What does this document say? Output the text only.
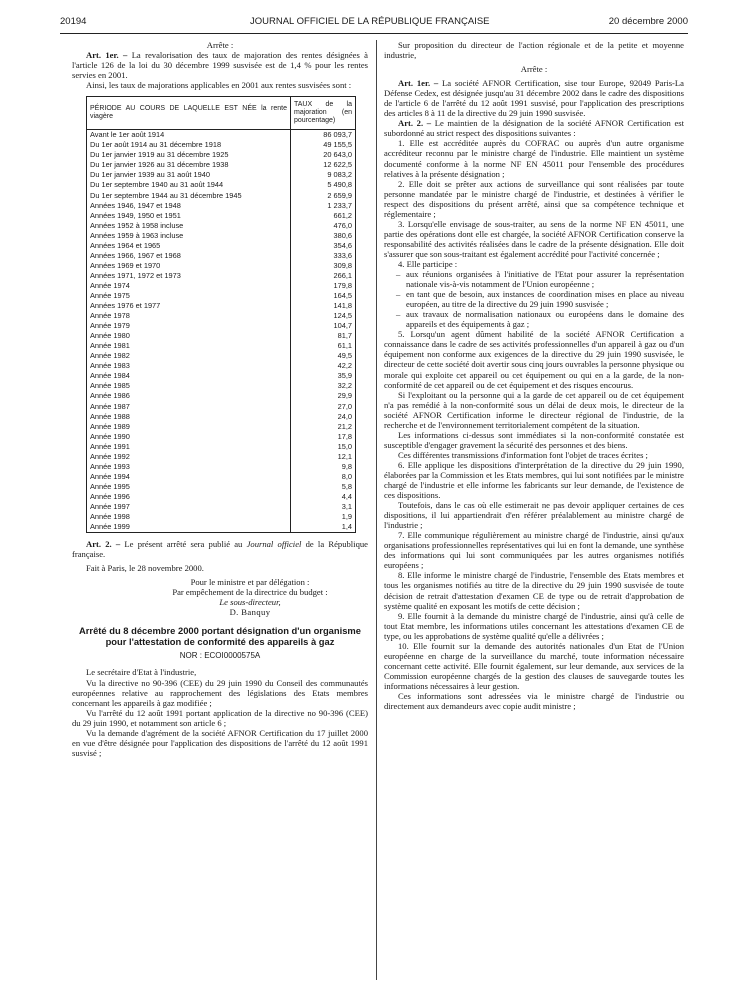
20194	JOURNAL OFFICIEL DE LA RÉPUBLIQUE FRANÇAISE	20 décembre 2000

Arrête :

Art. 1er. – La revalorisation des taux de majoration des rentes désignées à l'article 126 de la loi du 30 décembre 1999 susvisée est de 1,4 % pour les rentes servies en 2001.

Ainsi, les taux de majorations applicables en 2001 aux rentes susvisées sont :

PÉRIODE AU COURS DE LAQUELLE EST NÉE la rente viagère	TAUX de la majoration (en pourcentage)
Avant le 1er août 1914	86 093,7
Du 1er août 1914 au 31 décembre 1918	49 155,5
Du 1er janvier 1919 au 31 décembre 1925	20 643,0
Du 1er janvier 1926 au 31 décembre 1938	12 622,5
Du 1er janvier 1939 au 31 août 1940	9 083,2
Du 1er septembre 1940 au 31 août 1944	5 490,8
Du 1er septembre 1944 au 31 décembre 1945	2 659,9
Années 1946, 1947 et 1948	1 233,7
Années 1949, 1950 et 1951	661,2
Années 1952 à 1958 incluse	476,0
Années 1959 à 1963 incluse	380,6
Années 1964 et 1965	354,6
Années 1966, 1967 et 1968	333,6
Années 1969 et 1970	309,8
Années 1971, 1972 et 1973	266,1
Année 1974	179,8
Année 1975	164,5
Années 1976 et 1977	141,8
Année 1978	124,5
Année 1979	104,7
Année 1980	81,7
Année 1981	61,1
Année 1982	49,5
Année 1983	42,2
Année 1984	35,9
Année 1985	32,2
Année 1986	29,9
Année 1987	27,0
Année 1988	24,0
Année 1989	21,2
Année 1990	17,8
Année 1991	15,0
Année 1992	12,1
Année 1993	9,8
Année 1994	8,0
Année 1995	5,8
Année 1996	4,4
Année 1997	3,1
Année 1998	1,9
Année 1999	1,4

Art. 2. – Le présent arrêté sera publié au Journal officiel de la République française.

Fait à Paris, le 28 novembre 2000.

Pour le ministre et par délégation :

Par empêchement de la directrice du budget :

Le sous-directeur,

D. Banquy

Arrêté du 8 décembre 2000 portant désignation d'un organisme pour l'attestation de conformité des appareils à gaz
NOR : ECOI0000575A

Le secrétaire d'Etat à l'industrie,

Vu la directive no 90-396 (CEE) du 29 juin 1990 du Conseil des communautés européennes relative au rapprochement des législations des Etats membres concernant les appareils à gaz modifiée ;

Vu l'arrêté du 12 août 1991 portant application de la directive no 90-396 (CEE) du 29 juin 1990, et notamment son article 6 ;

Vu la demande d'agrément de la société AFNOR Certification du 17 juillet 2000 en vue d'être désignée pour l'application des dispositions de l'arrêté du 12 août 1991 susvisé ;

Sur proposition du directeur de l'action régionale et de la petite et moyenne industrie,

Arrête :

Art. 1er. – La société AFNOR Certification, sise tour Europe, 92049 Paris-La Défense Cedex, est désignée jusqu'au 31 décembre 2002 dans le cadre des dispositions de l'article 6 de l'arrêté du 12 août 1991 susvisé, pour l'application des prescriptions des articles 8 à 11 de la directive du 29 juin 1990 susvisée.

Art. 2. – Le maintien de la désignation de la société AFNOR Certification est subordonné au strict respect des dispositions suivantes :

1. Elle est accréditée auprès du COFRAC ou auprès d'un autre organisme accréditeur reconnu par le ministre chargé de l'industrie. Elle maintient un système documenté conforme à la norme NF EN 45011 pour l'ensemble des procédures relatives à la présente désignation ;

2. Elle doit se prêter aux actions de surveillance qui sont réalisées par toute personne mandatée par le ministre chargé de l'industrie, et destinées à vérifier le respect des dispositions du présent arrêté, ainsi que sa compétence technique et réglementaire ;

3. Lorsqu'elle envisage de sous-traiter, au sens de la norme NF EN 45011, une partie des opérations dont elle est chargée, la société AFNOR Certification conserve la responsabilité des activités réalisées dans le cadre de la présente désignation. Elle doit s'assurer que son sous-traitant est également accrédité pour l'activité concernée ;

4. Elle participe :

– aux réunions organisées à l'initiative de l'Etat pour assurer la représentation nationale vis-à-vis notamment de l'Union européenne ;
– en tant que de besoin, aux instances de coordination mises en place au niveau européen, au titre de la directive du 29 juin 1990 susvisée ;
– aux travaux de normalisation nationaux ou européens dans le domaine des appareils et des équipements à gaz ;

5. Lorsqu'un agent dûment habilité de la société AFNOR Certification a connaissance dans le cadre de ses activités professionnelles d'un appareil à gaz ou d'un équipement non conforme aux exigences de la directive du 29 juin 1990 susvisée, le directeur de cette société doit avertir sous cinq jours ouvrables la personne physique ou morale qui exploite cet appareil ou cet équipement ou qui en a la garde, de la non-conformité de cet appareil ou de cet équipement et des risques encourus.

Si l'exploitant ou la personne qui a la garde de cet appareil ou de cet équipement n'a pas remédié à la non-conformité sous un délai de deux mois, le directeur de la société AFNOR Certification informe le directeur régional de l'industrie, de la recherche et de l'environnement territorialement compétent de la situation.

Les informations ci-dessus sont immédiates si la non-conformité constatée est susceptible d'engager gravement la sécurité des personnes et des biens.

Ces différentes transmissions d'information font l'objet de traces écrites ;

6. Elle applique les dispositions d'interprétation de la directive du 29 juin 1990, élaborées par la Commission et les Etats membres, qui lui sont notifiées par le ministre chargé de l'industrie et elle informe les fabricants sur leur demande, de l'existence de ces dispositions.

Toutefois, dans le cas où elle estimerait ne pas devoir appliquer certaines de ces dispositions, il lui appartiendrait d'en référer préalablement au ministre chargé de l'industrie ;

7. Elle communique régulièrement au ministre chargé de l'industrie, ainsi qu'aux organisations professionnelles représentatives qui lui en font la demande, une synthèse des informations qui lui sont communiquées par les autres organismes notifiés européens ;

8. Elle informe le ministre chargé de l'industrie, l'ensemble des Etats membres et tous les organismes notifiés au titre de la directive du 29 juin 1990 susvisée de toute décision de retrait d'attestation d'examen CE de type ou de retrait d'approbation de système qualité en exposant les motifs de cette décision ;

9. Elle fournit à la demande du ministre chargé de l'industrie, ainsi qu'à celle de tout Etat membre, les informations utiles concernant les attestations d'examen CE de type, ou les approbations de système qualité qu'elle a délivrées ;

10. Elle fournit sur la demande des autorités nationales d'un Etat de l'Union européenne en charge de la surveillance du marché, toute information nécessaire concernant cette activité. Elle fournit également, sur leur demande, aux services de la Commission européenne chargés de la gestion des clauses de sauvegarde toutes les informations nécessaires à leur gestion.

Ces informations sont adressées via le ministre chargé de l'industrie ou directement aux demandeurs avec copie audit ministre ;
